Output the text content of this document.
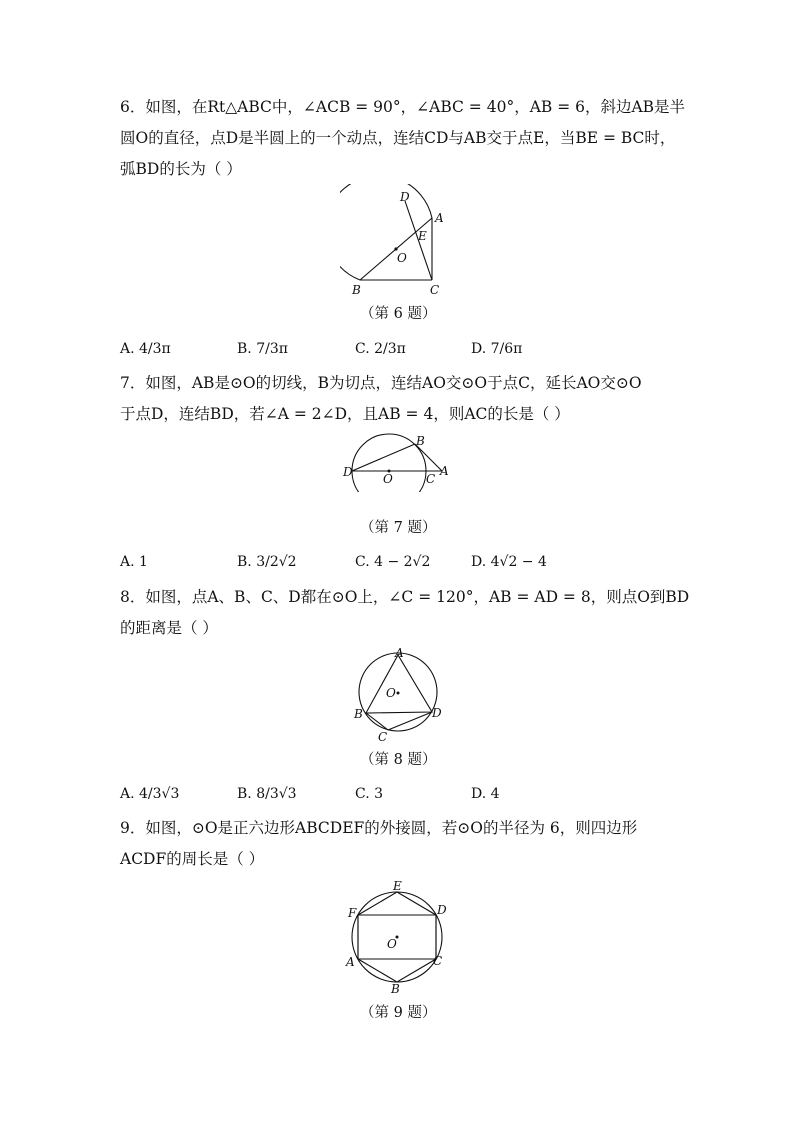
6．如图，在Rt△ABC中，∠ACB = 90°，∠ABC = 40°，AB = 6，斜边AB是半
圆O的直径，点D是半圆上的一个动点，连结CD与AB交于点E，当BE = BC时，
弧BD的长为（ ）
D
A
E
O
B	C
（第 6 题）
A. 4/3π	B. 7/3π	C. 2/3π	D. 7/6π
7．如图，AB是⊙O的切线，B为切点，连结AO交⊙O于点C，延长AO交⊙O
于点D，连结BD，若∠A = 2∠D，且AB = 4，则AC的长是（ ）
B
D	O	C
A
（第 7 题）
A. 1	B. 3/2√2	C. 4 − 2√2	D. 4√2 − 4
8．如图，点A、B、C、D都在⊙O上，∠C = 120°，AB = AD = 8，则点O到BD
的距离是（ ）
A
O
B	D
C
（第 8 题）
A. 4/3√3	B. 8/3√3	C. 3	D. 4
9．如图，⊙O是正六边形ABCDEF的外接圆，若⊙O的半径为 6，则四边形
ACDF的周长是（ ）
E
F	D
O
A	C
B
（第 9 题）
